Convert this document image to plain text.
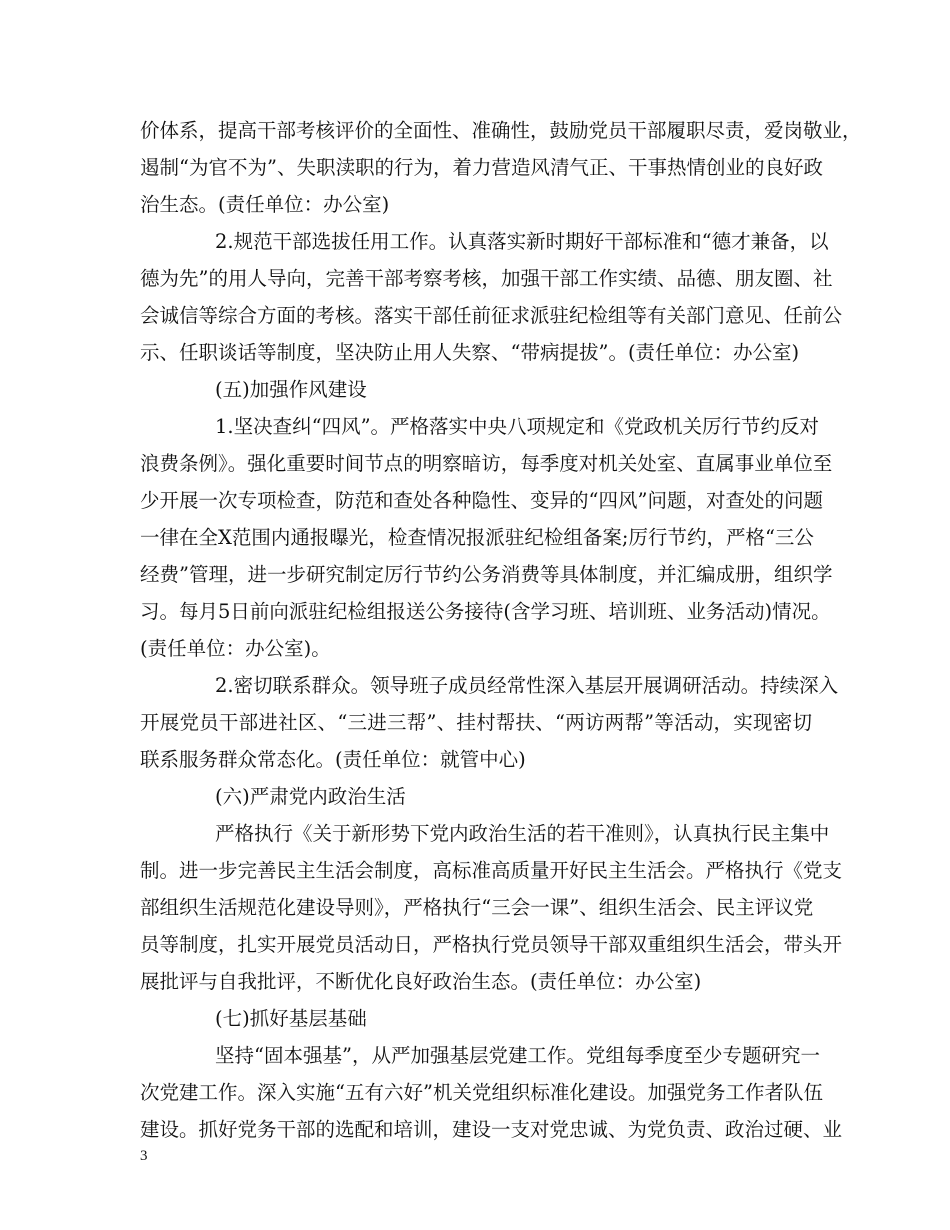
价体系，提高干部考核评价的全面性、准确性，鼓励党员干部履职尽责，爱岗敬业，
遏制“为官不为”、失职渎职的行为，着力营造风清气正、干事热情创业的良好政
治生态。(责任单位：办公室)
2.规范干部选拔任用工作。认真落实新时期好干部标准和“德才兼备，以
德为先”的用人导向，完善干部考察考核，加强干部工作实绩、品德、朋友圈、社
会诚信等综合方面的考核。落实干部任前征求派驻纪检组等有关部门意见、任前公
示、任职谈话等制度，坚决防止用人失察、“带病提拔”。(责任单位：办公室)
(五)加强作风建设
1.坚决查纠“四风”。严格落实中央八项规定和《党政机关厉行节约反对
浪费条例》。强化重要时间节点的明察暗访，每季度对机关处室、直属事业单位至
少开展一次专项检查，防范和查处各种隐性、变异的“四风”问题，对查处的问题
一律在全X范围内通报曝光，检查情况报派驻纪检组备案;厉行节约，严格“三公
经费”管理，进一步研究制定厉行节约公务消费等具体制度，并汇编成册，组织学
习。每月5日前向派驻纪检组报送公务接待(含学习班、培训班、业务活动)情况。
(责任单位：办公室)。
2.密切联系群众。领导班子成员经常性深入基层开展调研活动。持续深入
开展党员干部进社区、“三进三帮”、挂村帮扶、“两访两帮”等活动，实现密切
联系服务群众常态化。(责任单位：就管中心)
(六)严肃党内政治生活
严格执行《关于新形势下党内政治生活的若干准则》，认真执行民主集中
制。进一步完善民主生活会制度，高标准高质量开好民主生活会。严格执行《党支
部组织生活规范化建设导则》，严格执行“三会一课”、组织生活会、民主评议党
员等制度，扎实开展党员活动日，严格执行党员领导干部双重组织生活会，带头开
展批评与自我批评，不断优化良好政治生态。(责任单位：办公室)
(七)抓好基层基础
坚持“固本强基”，从严加强基层党建工作。党组每季度至少专题研究一
次党建工作。深入实施“五有六好”机关党组织标准化建设。加强党务工作者队伍
建设。抓好党务干部的选配和培训，建设一支对党忠诚、为党负责、政治过硬、业
3
